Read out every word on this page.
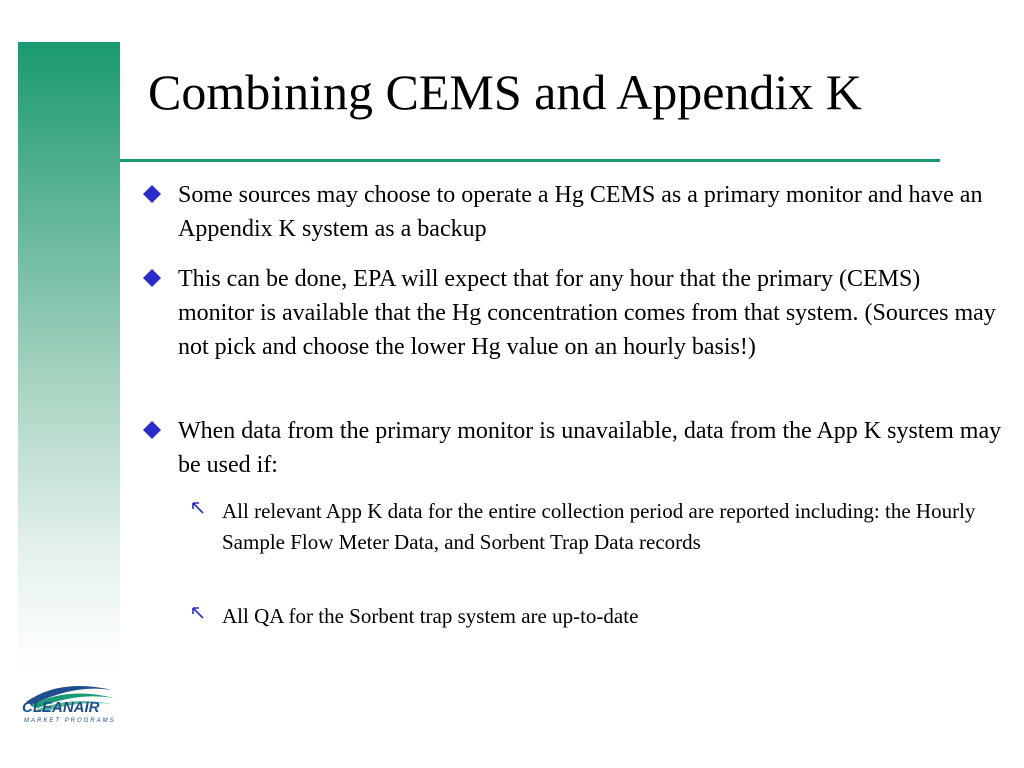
Combining CEMS and Appendix K
Some sources may choose to operate a Hg CEMS as a primary monitor and have an Appendix K system as a backup
This can be done, EPA will expect that for any hour that the primary (CEMS) monitor is available that the Hg concentration comes from that system. (Sources may not pick and choose the lower Hg value on an hourly basis!)
When data from the primary monitor is unavailable, data from the App K system may be used if:
All relevant App K data for the entire collection period are reported including: the Hourly Sample Flow Meter Data, and Sorbent Trap Data records
All QA for the Sorbent trap system are up-to-date
CLEANAIR
MARKET PROGRAMS
